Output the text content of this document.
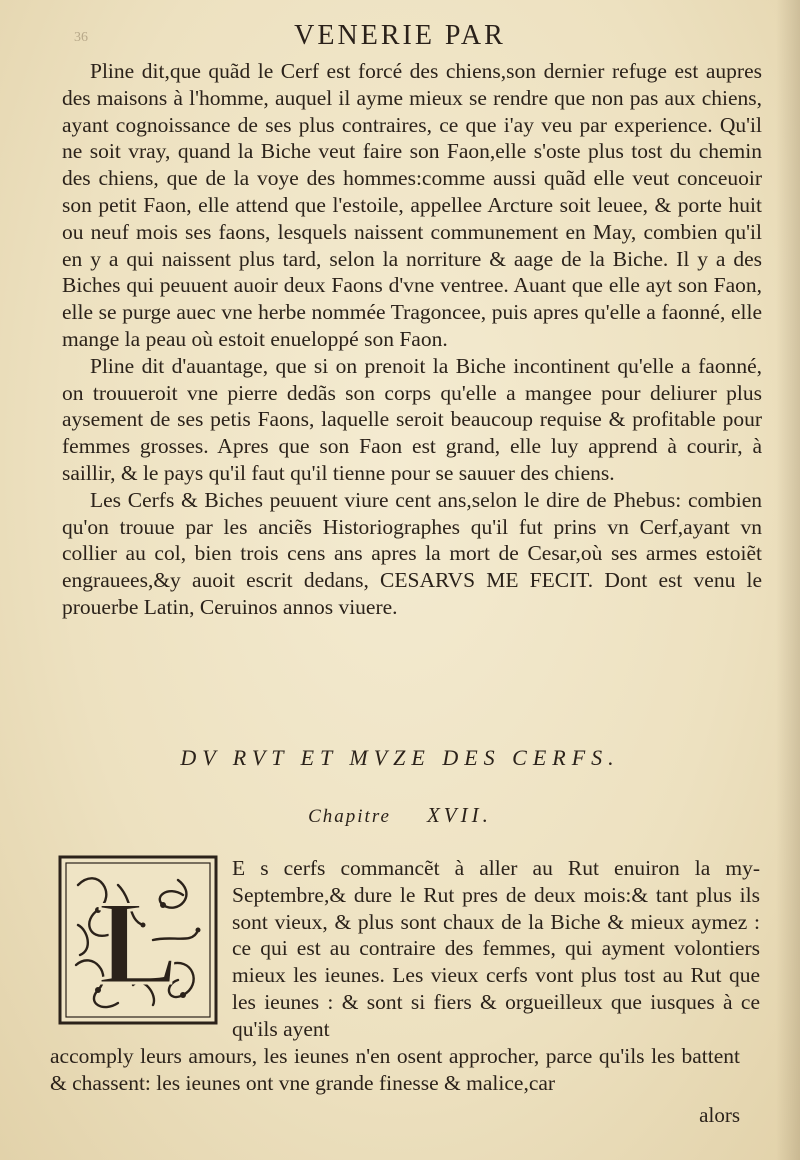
36	VENERIE PAR

Pline dit,que quãd le Cerf est forcé des chiens,son dernier refuge est aupres des maisons à l'homme, auquel il ayme mieux se rendre que non pas aux chiens, ayant cognoissance de ses plus contraires, ce que i'ay veu par experience. Qu'il ne soit vray, quand la Biche veut faire son Faon,elle s'oste plus tost du chemin des chiens, que de la voye des hommes:comme aussi quãd elle veut conceuoir son petit Faon, elle attend que l'estoile, appellee Arcture soit leuee, & porte huit ou neuf mois ses faons, lesquels naissent communement en May, combien qu'il en y a qui naissent plus tard, selon la norriture & aage de la Biche. Il y a des Biches qui peuuent auoir deux Faons d'vne ventree. Auant que elle ayt son Faon, elle se purge auec vne herbe nommée Tragoncee, puis apres qu'elle a faonné, elle mange la peau où estoit enueloppé son Faon.

Pline dit d'auantage, que si on prenoit la Biche incontinent qu'elle a faonné, on trouueroit vne pierre dedãs son corps qu'elle a mangee pour deliurer plus aysement de ses petis Faons, laquelle seroit beaucoup requise & profitable pour femmes grosses. Apres que son Faon est grand, elle luy apprend à courir, à saillir, & le pays qu'il faut qu'il tienne pour se sauuer des chiens.

Les Cerfs & Biches peuuent viure cent ans,selon le dire de Phebus: combien qu'on trouue par les anciẽs Historiographes qu'il fut prins vn Cerf,ayant vn collier au col, bien trois cens ans apres la mort de Cesar,où ses armes estoiẽt engrauees,&y auoit escrit dedans, CESARVS ME FECIT. Dont est venu le prouerbe Latin, Ceruinos annos viuere.

DV RVT ET MVZE DES CERFS.
Chapitre XVII.
L

E s cerfs commancẽt à aller au Rut enuiron la my-Septembre,& dure le Rut pres de deux mois:& tant plus ils sont vieux, & plus sont chaux de la Biche & mieux aymez : ce qui est au contraire des femmes, qui ayment volontiers mieux les ieunes. Les vieux cerfs vont plus tost au Rut que les ieunes : & sont si fiers & orgueilleux que iusques à ce qu'ils ayent

accomply leurs amours, les ieunes n'en osent approcher, parce qu'ils les battent & chassent: les ieunes ont vne grande finesse & malice,car
alors
